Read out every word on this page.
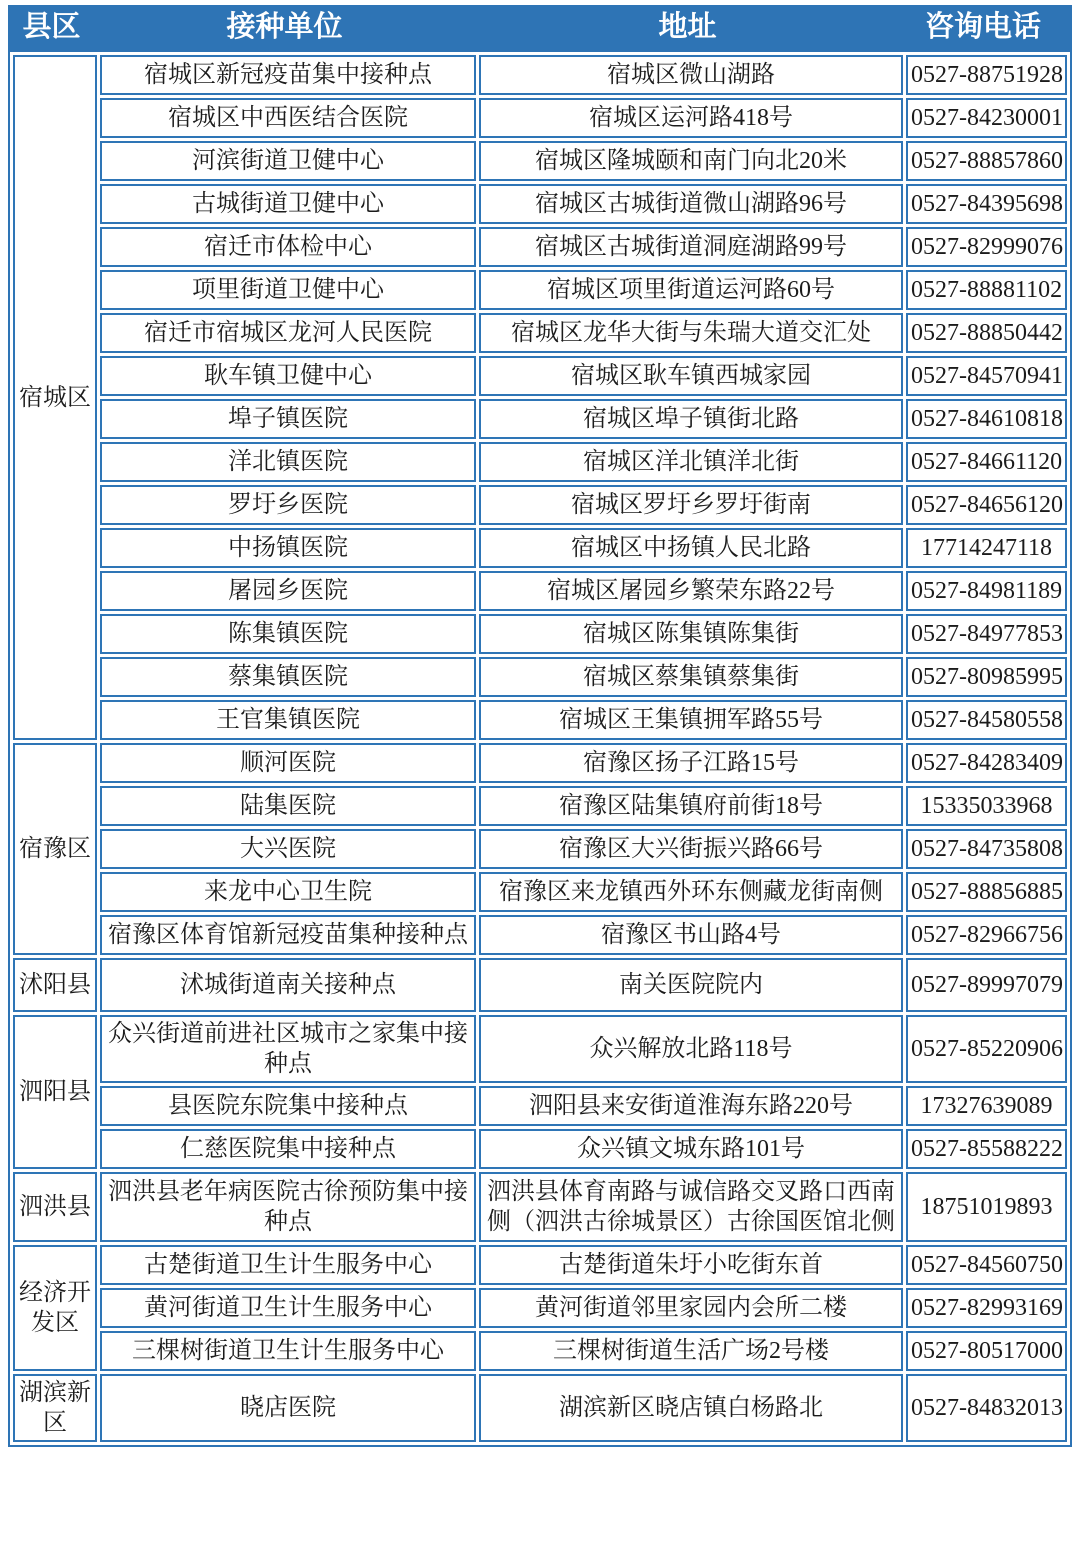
县区	接种单位	地址	咨询电话
宿城区	宿城区新冠疫苗集中接种点	宿城区微山湖路	0527-88751928
	宿城区中西医结合医院	宿城区运河路418号	0527-84230001
	河滨街道卫健中心	宿城区隆城颐和南门向北20米	0527-88857860
	古城街道卫健中心	宿城区古城街道微山湖路96号	0527-84395698
	宿迁市体检中心	宿城区古城街道洞庭湖路99号	0527-82999076
	项里街道卫健中心	宿城区项里街道运河路60号	0527-88881102
	宿迁市宿城区龙河人民医院	宿城区龙华大街与朱瑞大道交汇处	0527-88850442
	耿车镇卫健中心	宿城区耿车镇西城家园	0527-84570941
	埠子镇医院	宿城区埠子镇街北路	0527-84610818
	洋北镇医院	宿城区洋北镇洋北街	0527-84661120
	罗圩乡医院	宿城区罗圩乡罗圩街南	0527-84656120
	中扬镇医院	宿城区中扬镇人民北路	17714247118
	屠园乡医院	宿城区屠园乡繁荣东路22号	0527-84981189
	陈集镇医院	宿城区陈集镇陈集街	0527-84977853
	蔡集镇医院	宿城区蔡集镇蔡集街	0527-80985995
	王官集镇医院	宿城区王集镇拥军路55号	0527-84580558
宿豫区	顺河医院	宿豫区扬子江路15号	0527-84283409
	陆集医院	宿豫区陆集镇府前街18号	15335033968
	大兴医院	宿豫区大兴街振兴路66号	0527-84735808
	来龙中心卫生院	宿豫区来龙镇西外环东侧藏龙街南侧	0527-88856885
	宿豫区体育馆新冠疫苗集种接种点	宿豫区书山路4号	0527-82966756
沭阳县	沭城街道南关接种点	南关医院院内	0527-89997079
泗阳县	众兴街道前进社区城市之家集中接种点	众兴解放北路118号	0527-85220906
	县医院东院集中接种点	泗阳县来安街道淮海东路220号	17327639089
	仁慈医院集中接种点	众兴镇文城东路101号	0527-85588222
泗洪县	泗洪县老年病医院古徐预防集中接种点	泗洪县体育南路与诚信路交叉路口西南侧（泗洪古徐城景区）古徐国医馆北侧	18751019893
经济开发区	古楚街道卫生计生服务中心	古楚街道朱圩小吃街东首	0527-84560750
	黄河街道卫生计生服务中心	黄河街道邻里家园内会所二楼	0527-82993169
	三棵树街道卫生计生服务中心	三棵树街道生活广场2号楼	0527-80517000
湖滨新区	晓店医院	湖滨新区晓店镇白杨路北	0527-84832013
